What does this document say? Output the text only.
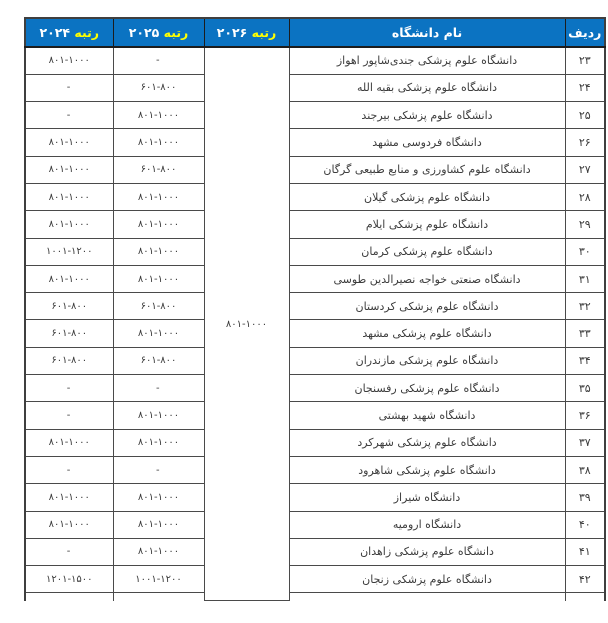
ردیف	نام دانشگاه	رتبه ۲۰۲۶	رتبه ۲۰۲۵	رتبه ۲۰۲۴
۲۳	دانشگاه علوم پزشکی جندی‌شاپور اهواز	۸۰۱-۱۰۰۰	-	۸۰۱-۱۰۰۰
۲۴	دانشگاه علوم پزشکی بقیه الله		۶۰۱-۸۰۰	-
۲۵	دانشگاه علوم پزشکی بیرجند		۸۰۱-۱۰۰۰	-
۲۶	دانشگاه فردوسی مشهد		۸۰۱-۱۰۰۰	۸۰۱-۱۰۰۰
۲۷	دانشگاه علوم کشاورزی و منابع طبیعی گرگان		۶۰۱-۸۰۰	۸۰۱-۱۰۰۰
۲۸	دانشگاه علوم پزشکی گیلان		۸۰۱-۱۰۰۰	۸۰۱-۱۰۰۰
۲۹	دانشگاه علوم پزشکی ایلام		۸۰۱-۱۰۰۰	۸۰۱-۱۰۰۰
۳۰	دانشگاه علوم پزشکی کرمان		۸۰۱-۱۰۰۰	۱۰۰۱-۱۲۰۰
۳۱	دانشگاه صنعتی خواجه نصیرالدین طوسی		۸۰۱-۱۰۰۰	۸۰۱-۱۰۰۰
۳۲	دانشگاه علوم پزشکی کردستان		۶۰۱-۸۰۰	۶۰۱-۸۰۰
۳۳	دانشگاه علوم پزشکی مشهد		۸۰۱-۱۰۰۰	۶۰۱-۸۰۰
۳۴	دانشگاه علوم پزشکی مازندران		۶۰۱-۸۰۰	۶۰۱-۸۰۰
۳۵	دانشگاه علوم پزشکی رفسنجان		-	-
۳۶	دانشگاه شهید بهشتی		۸۰۱-۱۰۰۰	-
۳۷	دانشگاه علوم پزشکی شهرکرد		۸۰۱-۱۰۰۰	۸۰۱-۱۰۰۰
۳۸	دانشگاه علوم پزشکی شاهرود		-	-
۳۹	دانشگاه شیراز		۸۰۱-۱۰۰۰	۸۰۱-۱۰۰۰
۴۰	دانشگاه ارومیه		۸۰۱-۱۰۰۰	۸۰۱-۱۰۰۰
۴۱	دانشگاه علوم پزشکی زاهدان		۸۰۱-۱۰۰۰	-
۴۲	دانشگاه علوم پزشکی زنجان		۱۰۰۱-۱۲۰۰	۱۲۰۱-۱۵۰۰
